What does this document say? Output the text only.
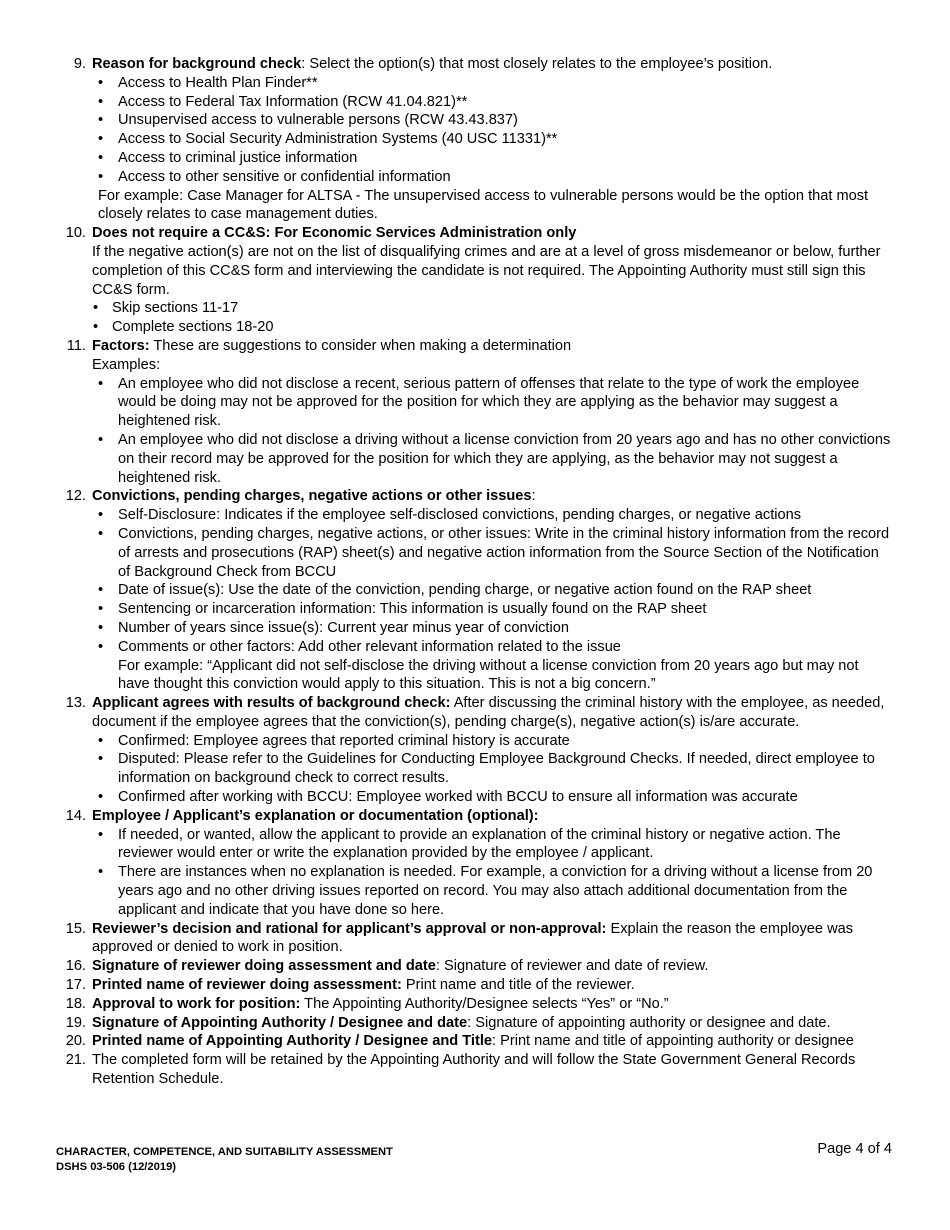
9. Reason for background check: Select the option(s) that most closely relates to the employee’s position.
• Access to Health Plan Finder**
• Access to Federal Tax Information (RCW 41.04.821)**
• Unsupervised access to vulnerable persons (RCW 43.43.837)
• Access to Social Security Administration Systems (40 USC 11331)**
• Access to criminal justice information
• Access to other sensitive or confidential information
For example: Case Manager for ALTSA - The unsupervised access to vulnerable persons would be the option that most closely relates to case management duties.
10. Does not require a CC&S: For Economic Services Administration only
If the negative action(s) are not on the list of disqualifying crimes and are at a level of gross misdemeanor or below, further completion of this CC&S form and interviewing the candidate is not required. The Appointing Authority must still sign this CC&S form.
• Skip sections 11-17
• Complete sections 18-20
11. Factors: These are suggestions to consider when making a determination
Examples:
• An employee who did not disclose a recent, serious pattern of offenses that relate to the type of work the employee would be doing may not be approved for the position for which they are applying as the behavior may suggest a heightened risk.
• An employee who did not disclose a driving without a license conviction from 20 years ago and has no other convictions on their record may be approved for the position for which they are applying, as the behavior may not suggest a heightened risk.
12. Convictions, pending charges, negative actions or other issues:
• Self-Disclosure: Indicates if the employee self-disclosed convictions, pending charges, or negative actions
• Convictions, pending charges, negative actions, or other issues: Write in the criminal history information from the record of arrests and prosecutions (RAP) sheet(s) and negative action information from the Source Section of the Notification of Background Check from BCCU
• Date of issue(s): Use the date of the conviction, pending charge, or negative action found on the RAP sheet
• Sentencing or incarceration information: This information is usually found on the RAP sheet
• Number of years since issue(s): Current year minus year of conviction
• Comments or other factors: Add other relevant information related to the issue
For example: “Applicant did not self-disclose the driving without a license conviction from 20 years ago but may not have thought this conviction would apply to this situation. This is not a big concern.”
13. Applicant agrees with results of background check: After discussing the criminal history with the employee, as needed, document if the employee agrees that the conviction(s), pending charge(s), negative action(s) is/are accurate.
• Confirmed: Employee agrees that reported criminal history is accurate
• Disputed: Please refer to the Guidelines for Conducting Employee Background Checks. If needed, direct employee to information on background check to correct results.
• Confirmed after working with BCCU: Employee worked with BCCU to ensure all information was accurate
14. Employee / Applicant’s explanation or documentation (optional):
• If needed, or wanted, allow the applicant to provide an explanation of the criminal history or negative action. The reviewer would enter or write the explanation provided by the employee / applicant.
• There are instances when no explanation is needed. For example, a conviction for a driving without a license from 20 years ago and no other driving issues reported on record. You may also attach additional documentation from the applicant and indicate that you have done so here.
15. Reviewer’s decision and rational for applicant’s approval or non-approval: Explain the reason the employee was approved or denied to work in position.
16. Signature of reviewer doing assessment and date: Signature of reviewer and date of review.
17. Printed name of reviewer doing assessment: Print name and title of the reviewer.
18. Approval to work for position: The Appointing Authority/Designee selects “Yes” or “No.”
19. Signature of Appointing Authority / Designee and date: Signature of appointing authority or designee and date.
20. Printed name of Appointing Authority / Designee and Title: Print name and title of appointing authority or designee
21. The completed form will be retained by the Appointing Authority and will follow the State Government General Records Retention Schedule.
CHARACTER, COMPETENCE, AND SUITABILITY ASSESSMENT
DSHS 03-506 (12/2019)
Page 4 of 4
